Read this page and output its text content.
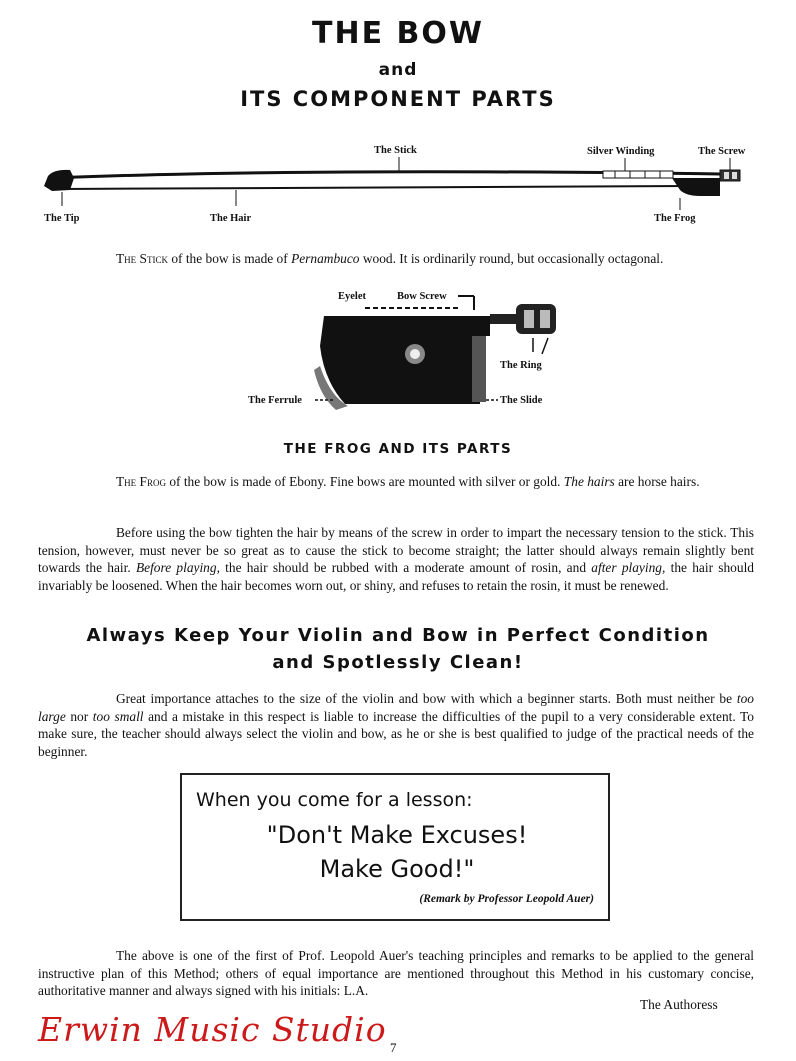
THE BOW
and
ITS COMPONENT PARTS
The Stick	Silver Winding	The Screw
The Tip	The Hair	The Frog

The Stick of the bow is made of Pernambuco wood. It is ordinarily round, but occasionally octagonal.

Eyelet	Bow Screw
The Ring
The Ferrule	The Slide
THE FROG AND ITS PARTS

The Frog of the bow is made of Ebony. Fine bows are mounted with silver or gold. The hairs are horse hairs.

Before using the bow tighten the hair by means of the screw in order to impart the necessary tension to the stick. This tension, however, must never be so great as to cause the stick to become straight; the latter should always remain slightly bent towards the hair. Before playing, the hair should be rubbed with a moderate amount of rosin, and after playing, the hair should invariably be loosened. When the hair becomes worn out, or shiny, and refuses to retain the rosin, it must be renewed.

Always Keep Your Violin and Bow in Perfect Condition
and Spotlessly Clean!

Great importance attaches to the size of the violin and bow with which a beginner starts. Both must neither be too large nor too small and a mistake in this respect is liable to increase the difficulties of the pupil to a very considerable extent. To make sure, the teacher should always select the violin and bow, as he or she is best qualified to judge of the practical needs of the beginner.

When you come for a lesson:
"Don't Make Excuses!
Make Good!"
(Remark by Professor Leopold Auer)

The above is one of the first of Prof. Leopold Auer's teaching principles and remarks to be applied to the general instructive plan of this Method; others of equal importance are mentioned throughout this Method in his customary concise, authoritative manner and always signed with his initials: L.A.

The Authoress
Erwin Music Studio 7
